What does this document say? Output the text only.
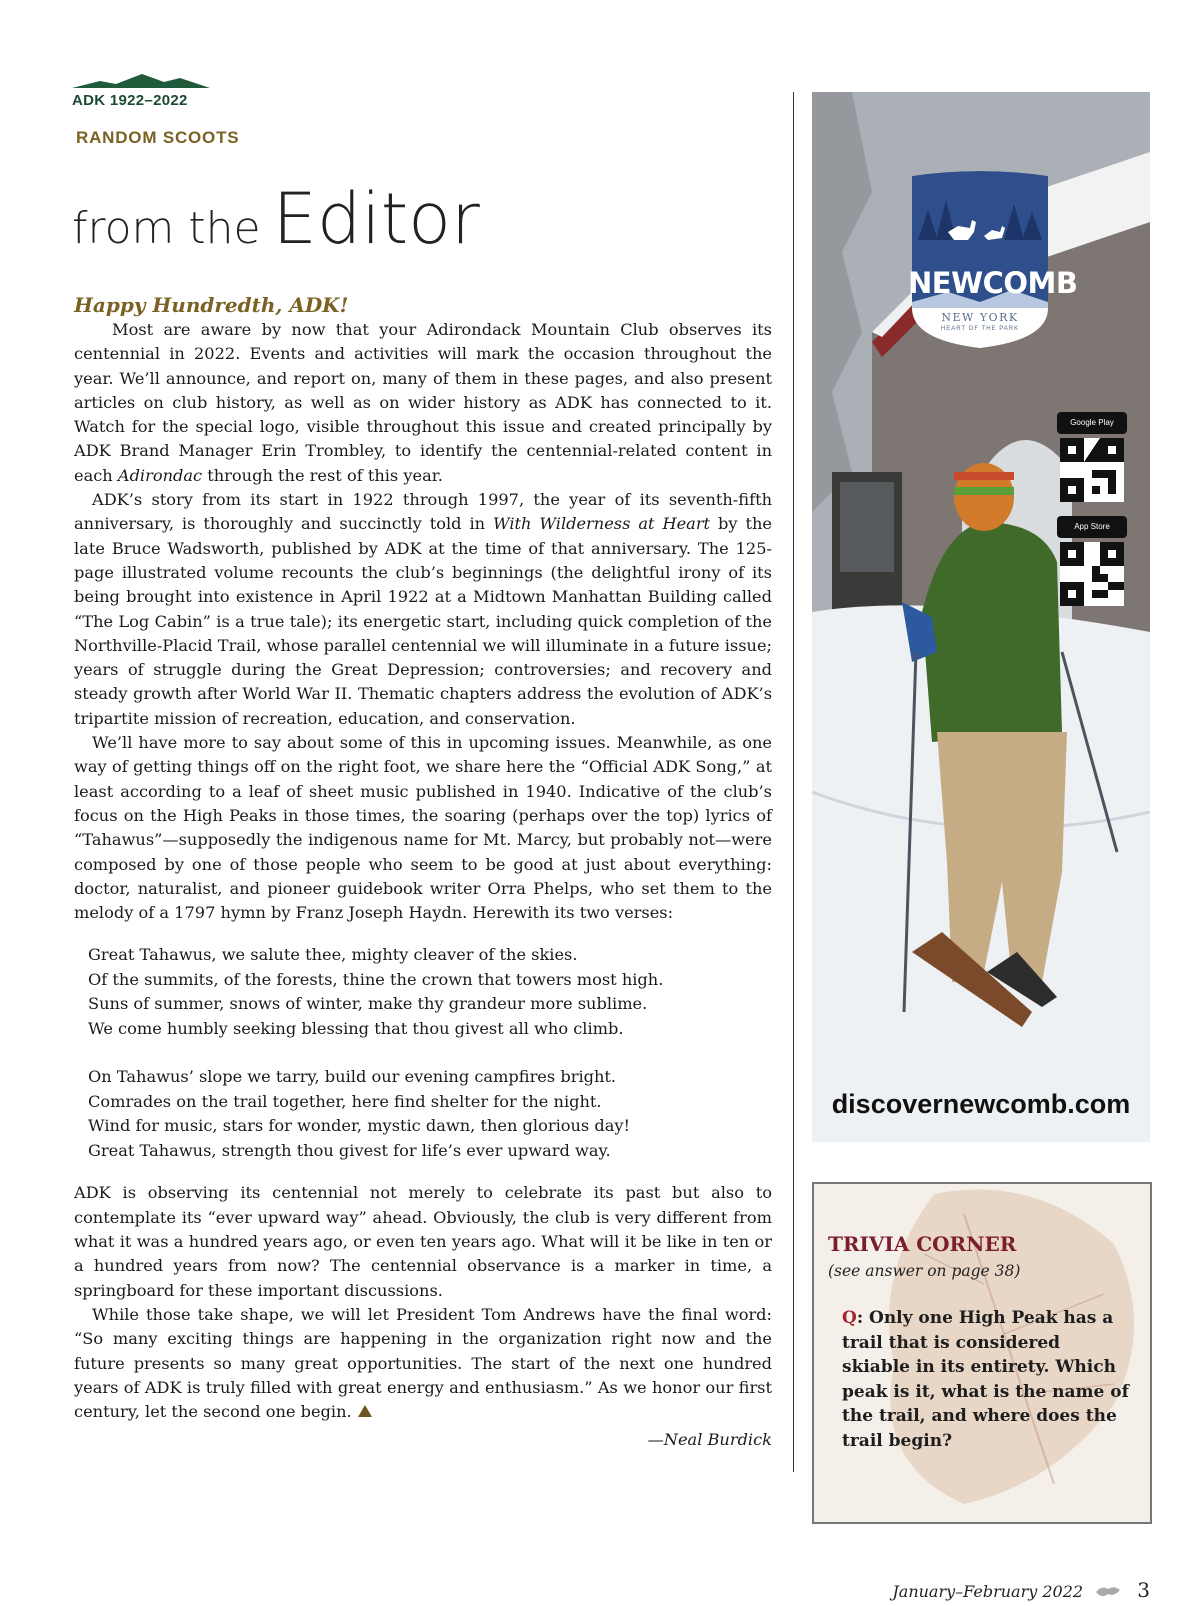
ADK 1922–2022
RANDOM SCOOTS
from the Editor
Happy Hundredth, ADK!

Most are aware by now that your Adirondack Mountain Club observes its centennial in 2022. Events and activities will mark the occasion throughout the year. We’ll announce, and report on, many of them in these pages, and also present articles on club history, as well as on wider history as ADK has connected to it. Watch for the special logo, visible throughout this issue and created principally by ADK Brand Manager Erin Trombley, to identify the centennial-related content in each Adirondac through the rest of this year.

ADK’s story from its start in 1922 through 1997, the year of its seventh-fifth anniversary, is thoroughly and succinctly told in With Wilderness at Heart by the late Bruce Wadsworth, published by ADK at the time of that anniversary. The 125-page illustrated volume recounts the club’s beginnings (the delightful irony of its being brought into existence in April 1922 at a Midtown Manhattan Building called “The Log Cabin” is a true tale); its energetic start, including quick completion of the Northville-Placid Trail, whose parallel centennial we will illuminate in a future issue; years of struggle during the Great Depression; controversies; and recovery and steady growth after World War II. Thematic chapters address the evolution of ADK’s tripartite mission of recreation, education, and conservation.

We’ll have more to say about some of this in upcoming issues. Meanwhile, as one way of getting things off on the right foot, we share here the “Official ADK Song,” at least according to a leaf of sheet music published in 1940. Indicative of the club’s focus on the High Peaks in those times, the soaring (perhaps over the top) lyrics of “Tahawus”—supposedly the indigenous name for Mt. Marcy, but probably not—were composed by one of those people who seem to be good at just about everything: doctor, naturalist, and pioneer guidebook writer Orra Phelps, who set them to the melody of a 1797 hymn by Franz Joseph Haydn. Herewith its two verses:

Great Tahawus, we salute thee, mighty cleaver of the skies.
Of the summits, of the forests, thine the crown that towers most high.
Suns of summer, snows of winter, make thy grandeur more sublime.
We come humbly seeking blessing that thou givest all who climb.
On Tahawus’ slope we tarry, build our evening campfires bright.
Comrades on the trail together, here find shelter for the night.
Wind for music, stars for wonder, mystic dawn, then glorious day!
Great Tahawus, strength thou givest for life’s ever upward way.

ADK is observing its centennial not merely to celebrate its past but also to contemplate its “ever upward way” ahead. Obviously, the club is very different from what it was a hundred years ago, or even ten years ago. What will it be like in ten or a hundred years from now? The centennial observance is a marker in time, a springboard for these important discussions.

While those take shape, we will let President Tom Andrews have the final word: “So many exciting things are happening in the organization right now and the future presents so many great opportunities. The start of the next one hundred years of ADK is truly filled with great energy and enthusiasm.” As we honor our first century, let the second one begin.

—Neal Burdick
NEWCOMB
NEW YORK
HEART OF THE PARK
Google Play
App Store
discovernewcomb.com
TRIVIA CORNER
(see answer on page 38)
Q: Only one High Peak has a trail that is considered skiable in its entirety. Which peak is it, what is the name of the trail, and where does the trail begin?
January–February 2022	3
